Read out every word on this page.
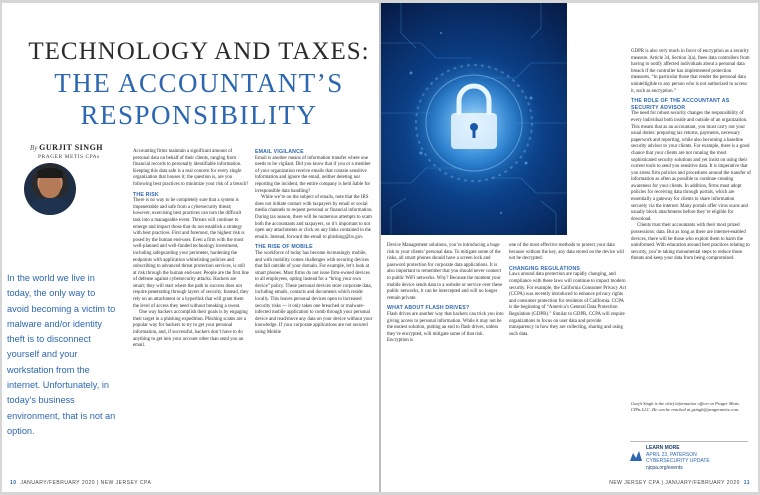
TECHNOLOGY AND TAXES:
THE ACCOUNTANT’S
RESPONSIBILITY
By GURJIT SINGH
PRAGER METIS CPAs
In the world we live in today, the only way to avoid becoming a victim to malware and/or identity theft is to disconnect yourself and your workstation from the internet. Unfortunately, in today’s business environment, that is not an option.

Accounting firms maintain a significant amount of personal data on behalf of their clients, ranging from financial records to personally identifiable information. Keeping this data safe is a real concern for every single organization that houses it; the question is, are you following best practices to minimize your risk of a breach?

THE RISK

There is no way to be completely sure that a system is impenetrable and safe from a cybersecurity threat; however, exercising best practices can turn the difficult task into a manageable event. Threats will continue to emerge and impact those that do not establish a strategy with best practices. First and foremost, the highest risk is posed by the human end-user. Even a firm with the most well-planned and well-funded technology investment, including safeguarding your perimeter, hardening the endpoints with application whitelisting policies and subscribing to advanced threat protection services, is still at risk through the human end-user. People are the first line of defense against cybersecurity attacks. Hackers are smart; they will start where the path to success does not require penetrating through layers of security. Instead, they rely on an attachment or a hyperlink that will grant them the level of access they need without breaking a sweat.

One way hackers accomplish their goals is by engaging their target in a phishing expedition. Phishing scams are a popular way for hackers to try to get your personal information, and, if successful, hackers don’t have to do anything to get into your account other than send you an email.

EMAIL VIGILANCE

Email is another means of information transfer where one needs to be vigilant. Did you know that if you or a member of your organization receive emails that contain sensitive information and ignore the email, neither deleting nor reporting the incident, the entire company is held liable for irresponsible data handling?

While we’re on the subject of emails, note that the IRS does not initiate contact with taxpayers by email or social media channels to request personal or financial information. During tax season, there will be numerous attempts to scam both the accountants and taxpayers, so it’s important to not open any attachments or click on any links contained in the emails. Instead, forward the email to phishing@irs.gov.

THE RISE OF MOBILE

The workforce of today has become increasingly mobile, and with mobility comes challenges with securing devices that fall outside of your domain. For example, let’s look at smart phones. Most firms do not issue firm-owned devices to all employees, opting instead for a “bring your own device” policy. These personal devices store corporate data, including emails, contacts and documents which reside locally. This leaves personal devices open to increased security risks — it only takes one breached or malware-infected mobile application to comb through your personal device and read/move any data on your device without your knowledge. If your corporate applications are not secured using Mobile

10 JANUARY/FEBRUARY 2020 | NEW JERSEY CPA

Device Management solutions, you’re introducing a huge risk to your clients’ personal data. To mitigate some of the risks, all smart phones should have a screen lock and password protection for corporate data applications. It is also important to remember that you should never connect to public WiFi networks. Why? Because the moment your mobile device sends data to a website or service over these public networks, it can be intercepted and will no longer remain private.

WHAT ABOUT FLASH DRIVES?

Flash drives are another way that hackers can trick you into giving access to personal information. While it may not be the easiest solution, putting an end to flash drives, unless they’re encrypted, will mitigate some of that risk. Encryption is

one of the most effective methods to protect your data because without the key, any data stored on the device will not be decrypted.

CHANGING REGULATIONS

Laws around data protection are rapidly changing, and compliance with these laws will continue to impact modern security. For example, the California Consumer Privacy Act (CCPA) was recently introduced to enhance privacy rights and consumer protection for residents of California. CCPA is the beginning of “America’s General Data Protection Regulation (GDPR).” Similar to GDPR, CCPA will require organizations to focus on user data and provide transparency in how they are collecting, sharing and using such data.

GDPR is also very much in favor of encryption as a security measure. Article 34, Section 3(a), frees data controllers from having to notify affected individuals about a personal data breach if the controller has implemented protection measures, “in particular those that render the personal data unintelligible to any person who is not authorized to access it, such as encryption.”

THE ROLE OF THE ACCOUNTANT AS SECURITY ADVISOR

The need for robust security changes the responsibility of every individual both inside and outside of an organization. This means that as an accountant, you must carry out your usual duties: preparing tax returns, payments, necessary paperwork and reporting, while also becoming a baseline security advisor to your clients. For example, there is a good chance that your clients are not running the most sophisticated security solutions and yet insist on using their current tools to send you sensitive data. It is imperative that you stress firm policies and procedures around the transfer of information as often as possible to continue creating awareness for your clients. In addition, firms must adopt policies for receiving data through portals, which are essentially a gateway for clients to share information securely via the internet. Many portals offer virus scans and usually block attachments before they’re eligible for download.

Clients trust their accountants with their most prized possessions: data. But as long as there are internet-enabled devices, there will be those who exploit them to harm the uninformed. With education around best practices relating to security, you’re taking monumental steps to reduce those threats and keep your data from being compromised.

Gurjit Singh is the chief information officer at Prager Metis CPAs LLC. He can be reached at gsingh@pragermetis.com.
LEARN MORE
APRIL 23, PATERSON
CYBERSECURITY UPDATE
njcpa.org/events
NEW JERSEY CPA | JANUARY/FEBRUARY 2020 11
